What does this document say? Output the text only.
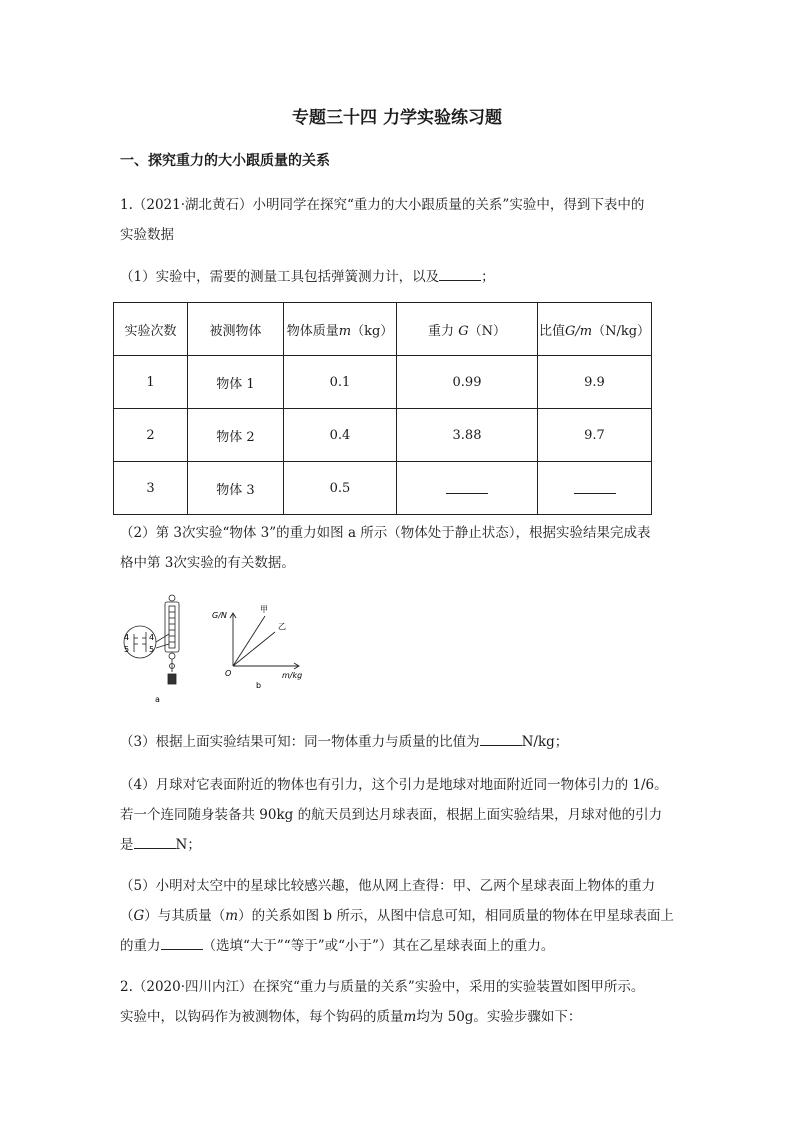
专题三十四 力学实验练习题
一、探究重力的大小跟质量的关系
1.（2021·湖北黄石）小明同学在探究“重力的大小跟质量的关系”实验中，得到下表中的
实验数据
（1）实验中，需要的测量工具包括弹簧测力计，以及	；
实验次数	被测物体	物体质量m（kg）	重力 G（N）	比值G/m（N/kg）
1	物体 1	0.1	0.99	9.9
2	物体 2	0.4	3.88	9.7
3	物体 3	0.5		
（2）第 3次实验“物体 3”的重力如图 a 所示（物体处于静止状态），根据实验结果完成表
格中第 3次实验的有关数据。
4
5
4
5
a
G/N
m/kg
O
甲
乙
b
（3）根据上面实验结果可知：同一物体重力与质量的比值为	N/kg；
（4）月球对它表面附近的物体也有引力，这个引力是地球对地面附近同一物体引力的 1/6。
若一个连同随身装备共 90kg 的航天员到达月球表面，根据上面实验结果，月球对他的引力
是	N；
（5）小明对太空中的星球比较感兴趣，他从网上查得：甲、乙两个星球表面上物体的重力
（G）与其质量（m）的关系如图 b 所示，从图中信息可知，相同质量的物体在甲星球表面上
的重力	（选填“大于”“等于”或“小于”）其在乙星球表面上的重力。
2.（2020·四川内江）在探究“重力与质量的关系”实验中，采用的实验装置如图甲所示。
实验中，以钩码作为被测物体，每个钩码的质量m均为 50g。实验步骤如下：
